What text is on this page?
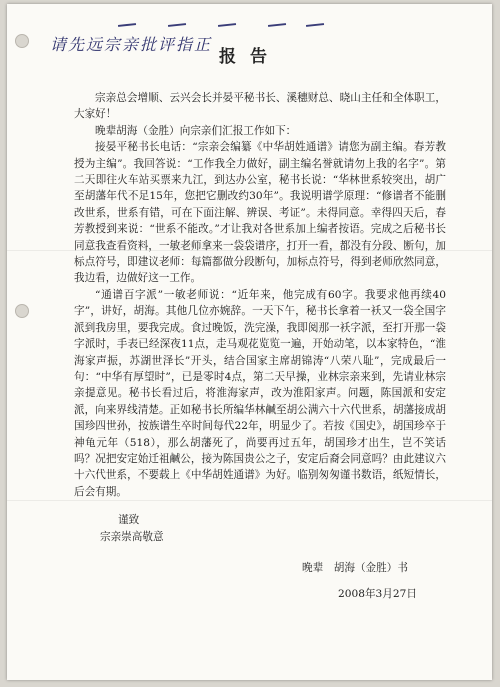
请先远宗亲批评指正
报告

宗亲总会增顺、云兴会长并晏平秘书长、溪穗财总、晓山主任和全体职工，大家好！

晚辈胡海（金胜）向宗亲们汇报工作如下：

接晏平秘书长电话：“宗亲会编纂《中华胡姓通谱》请您为副主编。春芳教授为主编”。我回答说：“工作我全力做好，副主编名誉就请勿上我的名字”。第二天即往火车站买票来九江，到达办公室，秘书长说：“华林世系较突出，胡广至胡藩年代不足15年，您把它删改约30年”。我说明谱学原理：“修谱者不能删改世系，世系有错，可在下面注解、辨误、考证”。未得同意。幸得四天后，春芳教授到来说：“世系不能改。”才让我对各世系加上编者按语。完成之后秘书长同意我查看资料，一敏老师拿来一袋袋谱序，打开一看，都没有分段、断句，加标点符号，即建议老师：每篇都做分段断句，加标点符号，得到老师欣然同意，我边看，边做好这一工作。

“通谱百字派”一敏老师说：“近年来，他完成有60字。我要求他再续40字”，讲好，胡海。其他几位亦婉辞。一天下午，秘书长拿着一袄又一袋全国字派到我房里，要我完成。食过晚饭，洗完澡，我即阅那一袄字派，至打开那一袋字派时，手表已经深夜11点，走马观花览览一遍，开始动笔，以本家特色，“淮海家声振，苏湖世泽长”开头，结合国家主席胡锦涛“八荣八耻”，完成最后一句：“中华有厚望时”，已是零时4点，第二天早操，业林宗亲来到，先请业林宗亲提意见。秘书长看过后，将淮海家声，改为淮阳家声。问题，陈国派和安定派，向来界线清楚。正如秘书长所编华林鹹至胡公满六十六代世系，胡藩接成胡国珍四世孙，按族谱生卒时间每代22年，明显少了。若按《国史》，胡国珍卒于神龟元年（518），那么胡藩死了，尚要再过五年，胡国珍才出生，岂不笑话吗？况把安定始迁祖鹹公，接为陈国贵公之子，安定后裔会同意吗？由此建议六十六代世系，不要载上《中华胡姓通谱》为好。临别匆匆谨书数语，纸短情长，后会有期。

谨致
宗亲崇高敬意
晚辈　胡海（金胜）书
2008年3月27日
